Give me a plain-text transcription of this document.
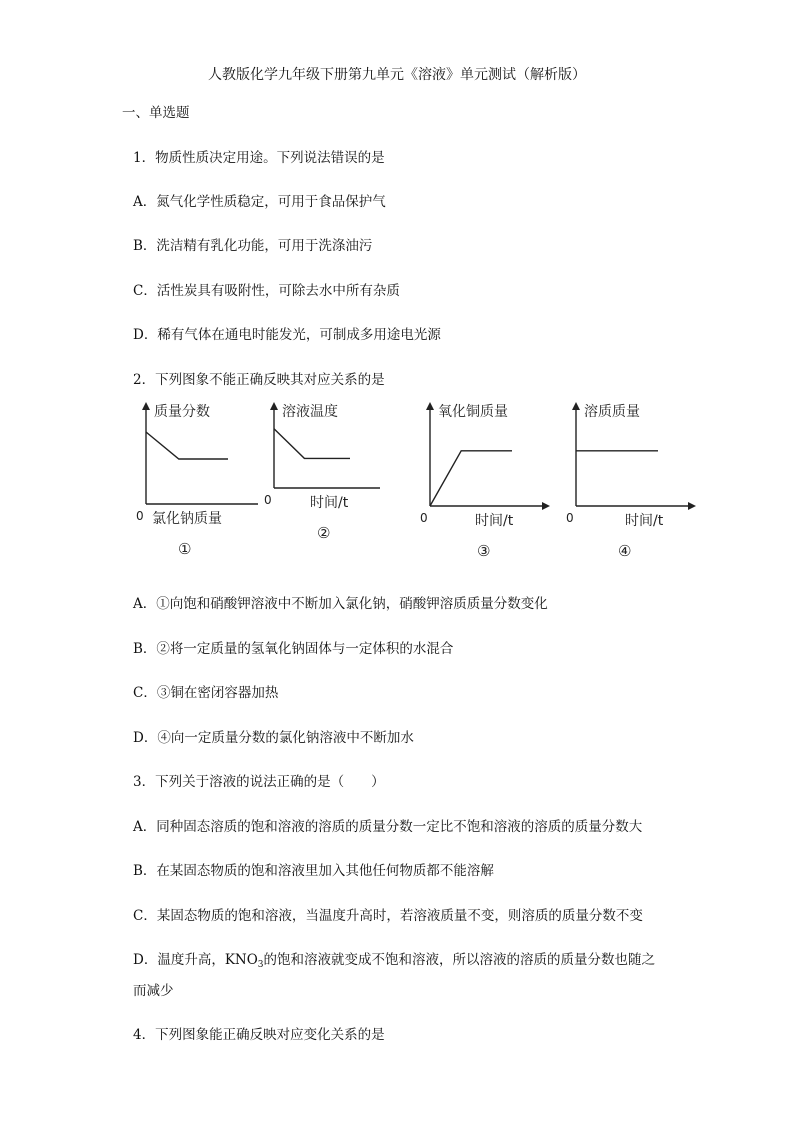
人教版化学九年级下册第九单元《溶液》单元测试（解析版）
一、单选题
1．物质性质决定用途。下列说法错误的是
A．氮气化学性质稳定，可用于食品保护气
B．洗洁精有乳化功能，可用于洗涤油污
C．活性炭具有吸附性，可除去水中所有杂质
D．稀有气体在通电时能发光，可制成多用途电光源
2．下列图象不能正确反映其对应关系的是
质量分数
氯化钠质量
0
①
溶液温度
时间/t
0
②
氧化铜质量
时间/t
0
③
溶质质量
时间/t
0
④
A．①向饱和硝酸钾溶液中不断加入氯化钠，硝酸钾溶质质量分数变化
B．②将一定质量的氢氧化钠固体与一定体积的水混合
C．③铜在密闭容器加热
D．④向一定质量分数的氯化钠溶液中不断加水
3．下列关于溶液的说法正确的是（　　）
A．同种固态溶质的饱和溶液的溶质的质量分数一定比不饱和溶液的溶质的质量分数大
B．在某固态物质的饱和溶液里加入其他任何物质都不能溶解
C．某固态物质的饱和溶液，当温度升高时，若溶液质量不变，则溶质的质量分数不变
D．温度升高，$KNO_3$的饱和溶液就变成不饱和溶液，所以溶液的溶质的质量分数也随之
而减少
4．下列图象能正确反映对应变化关系的是
